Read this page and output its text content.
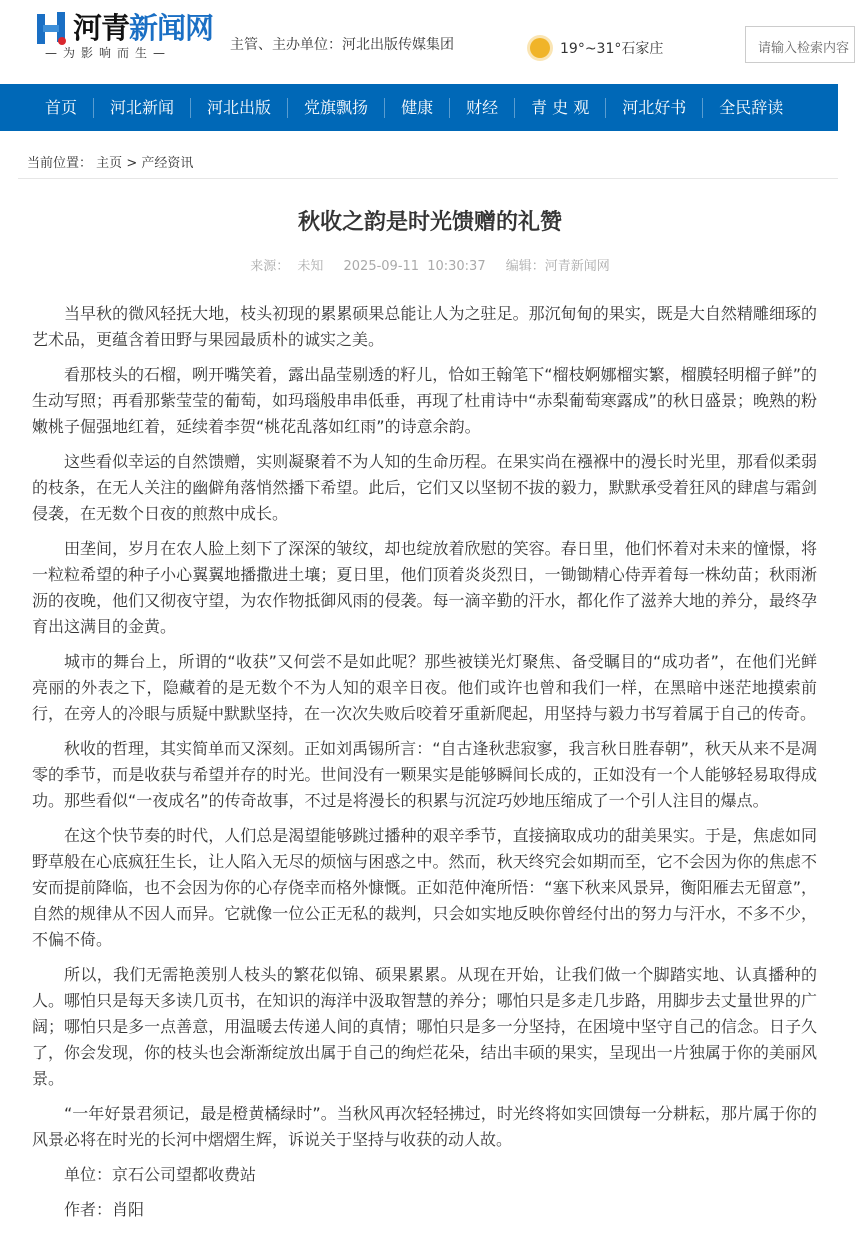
河青新闻网
—为影响而生—	主管、主办单位：河北出版传媒集团	19°~31°石家庄	请输入检索内容
首页	河北新闻	河北出版	党旗飘扬	健康	财经	青 史 观	河北好书	全民辞读
当前位置： 主页 > 产经资讯
秋收之韵是时光馈赠的礼赞
来源： 未知 2025-09-11 10:30:37 编辑：河青新闻网

当早秋的微风轻抚大地，枝头初现的累累硕果总能让人为之驻足。那沉甸甸的果实，既是大自然精雕细琢的艺术品，更蕴含着田野与果园最质朴的诚实之美。

看那枝头的石榴，咧开嘴笑着，露出晶莹剔透的籽儿，恰如王翰笔下“榴枝婀娜榴实繁，榴膜轻明榴子鲜”的生动写照；再看那紫莹莹的葡萄，如玛瑙般串串低垂，再现了杜甫诗中“赤梨葡萄寒露成”的秋日盛景；晚熟的粉嫩桃子倔强地红着，延续着李贺“桃花乱落如红雨”的诗意余韵。

这些看似幸运的自然馈赠，实则凝聚着不为人知的生命历程。在果实尚在襁褓中的漫长时光里，那看似柔弱的枝条，在无人关注的幽僻角落悄然播下希望。此后，它们又以坚韧不拔的毅力，默默承受着狂风的肆虐与霜剑侵袭，在无数个日夜的煎熬中成长。

田垄间，岁月在农人脸上刻下了深深的皱纹，却也绽放着欣慰的笑容。春日里，他们怀着对未来的憧憬，将一粒粒希望的种子小心翼翼地播撒进土壤；夏日里，他们顶着炎炎烈日，一锄锄精心侍弄着每一株幼苗；秋雨淅沥的夜晚，他们又彻夜守望，为农作物抵御风雨的侵袭。每一滴辛勤的汗水，都化作了滋养大地的养分，最终孕育出这满目的金黄。

城市的舞台上，所谓的“收获”又何尝不是如此呢？那些被镁光灯聚焦、备受瞩目的“成功者”，在他们光鲜亮丽的外表之下，隐藏着的是无数个不为人知的艰辛日夜。他们或许也曾和我们一样，在黑暗中迷茫地摸索前行，在旁人的冷眼与质疑中默默坚持，在一次次失败后咬着牙重新爬起，用坚持与毅力书写着属于自己的传奇。

秋收的哲理，其实简单而又深刻。正如刘禹锡所言：“自古逢秋悲寂寥，我言秋日胜春朝”，秋天从来不是凋零的季节，而是收获与希望并存的时光。世间没有一颗果实是能够瞬间长成的，正如没有一个人能够轻易取得成功。那些看似“一夜成名”的传奇故事，不过是将漫长的积累与沉淀巧妙地压缩成了一个引人注目的爆点。

在这个快节奏的时代，人们总是渴望能够跳过播种的艰辛季节，直接摘取成功的甜美果实。于是，焦虑如同野草般在心底疯狂生长，让人陷入无尽的烦恼与困惑之中。然而，秋天终究会如期而至，它不会因为你的焦虑不安而提前降临，也不会因为你的心存侥幸而格外慷慨。正如范仲淹所悟：“塞下秋来风景异，衡阳雁去无留意”，自然的规律从不因人而异。它就像一位公正无私的裁判，只会如实地反映你曾经付出的努力与汗水，不多不少，不偏不倚。

所以，我们无需艳羡别人枝头的繁花似锦、硕果累累。从现在开始，让我们做一个脚踏实地、认真播种的人。哪怕只是每天多读几页书，在知识的海洋中汲取智慧的养分；哪怕只是多走几步路，用脚步去丈量世界的广阔；哪怕只是多一点善意，用温暖去传递人间的真情；哪怕只是多一分坚持，在困境中坚守自己的信念。日子久了，你会发现，你的枝头也会渐渐绽放出属于自己的绚烂花朵，结出丰硕的果实，呈现出一片独属于你的美丽风景。

“一年好景君须记，最是橙黄橘绿时”。当秋风再次轻轻拂过，时光终将如实回馈每一分耕耘，那片属于你的风景必将在时光的长河中熠熠生辉，诉说关于坚持与收获的动人故。

单位：京石公司望都收费站

作者：肖阳
